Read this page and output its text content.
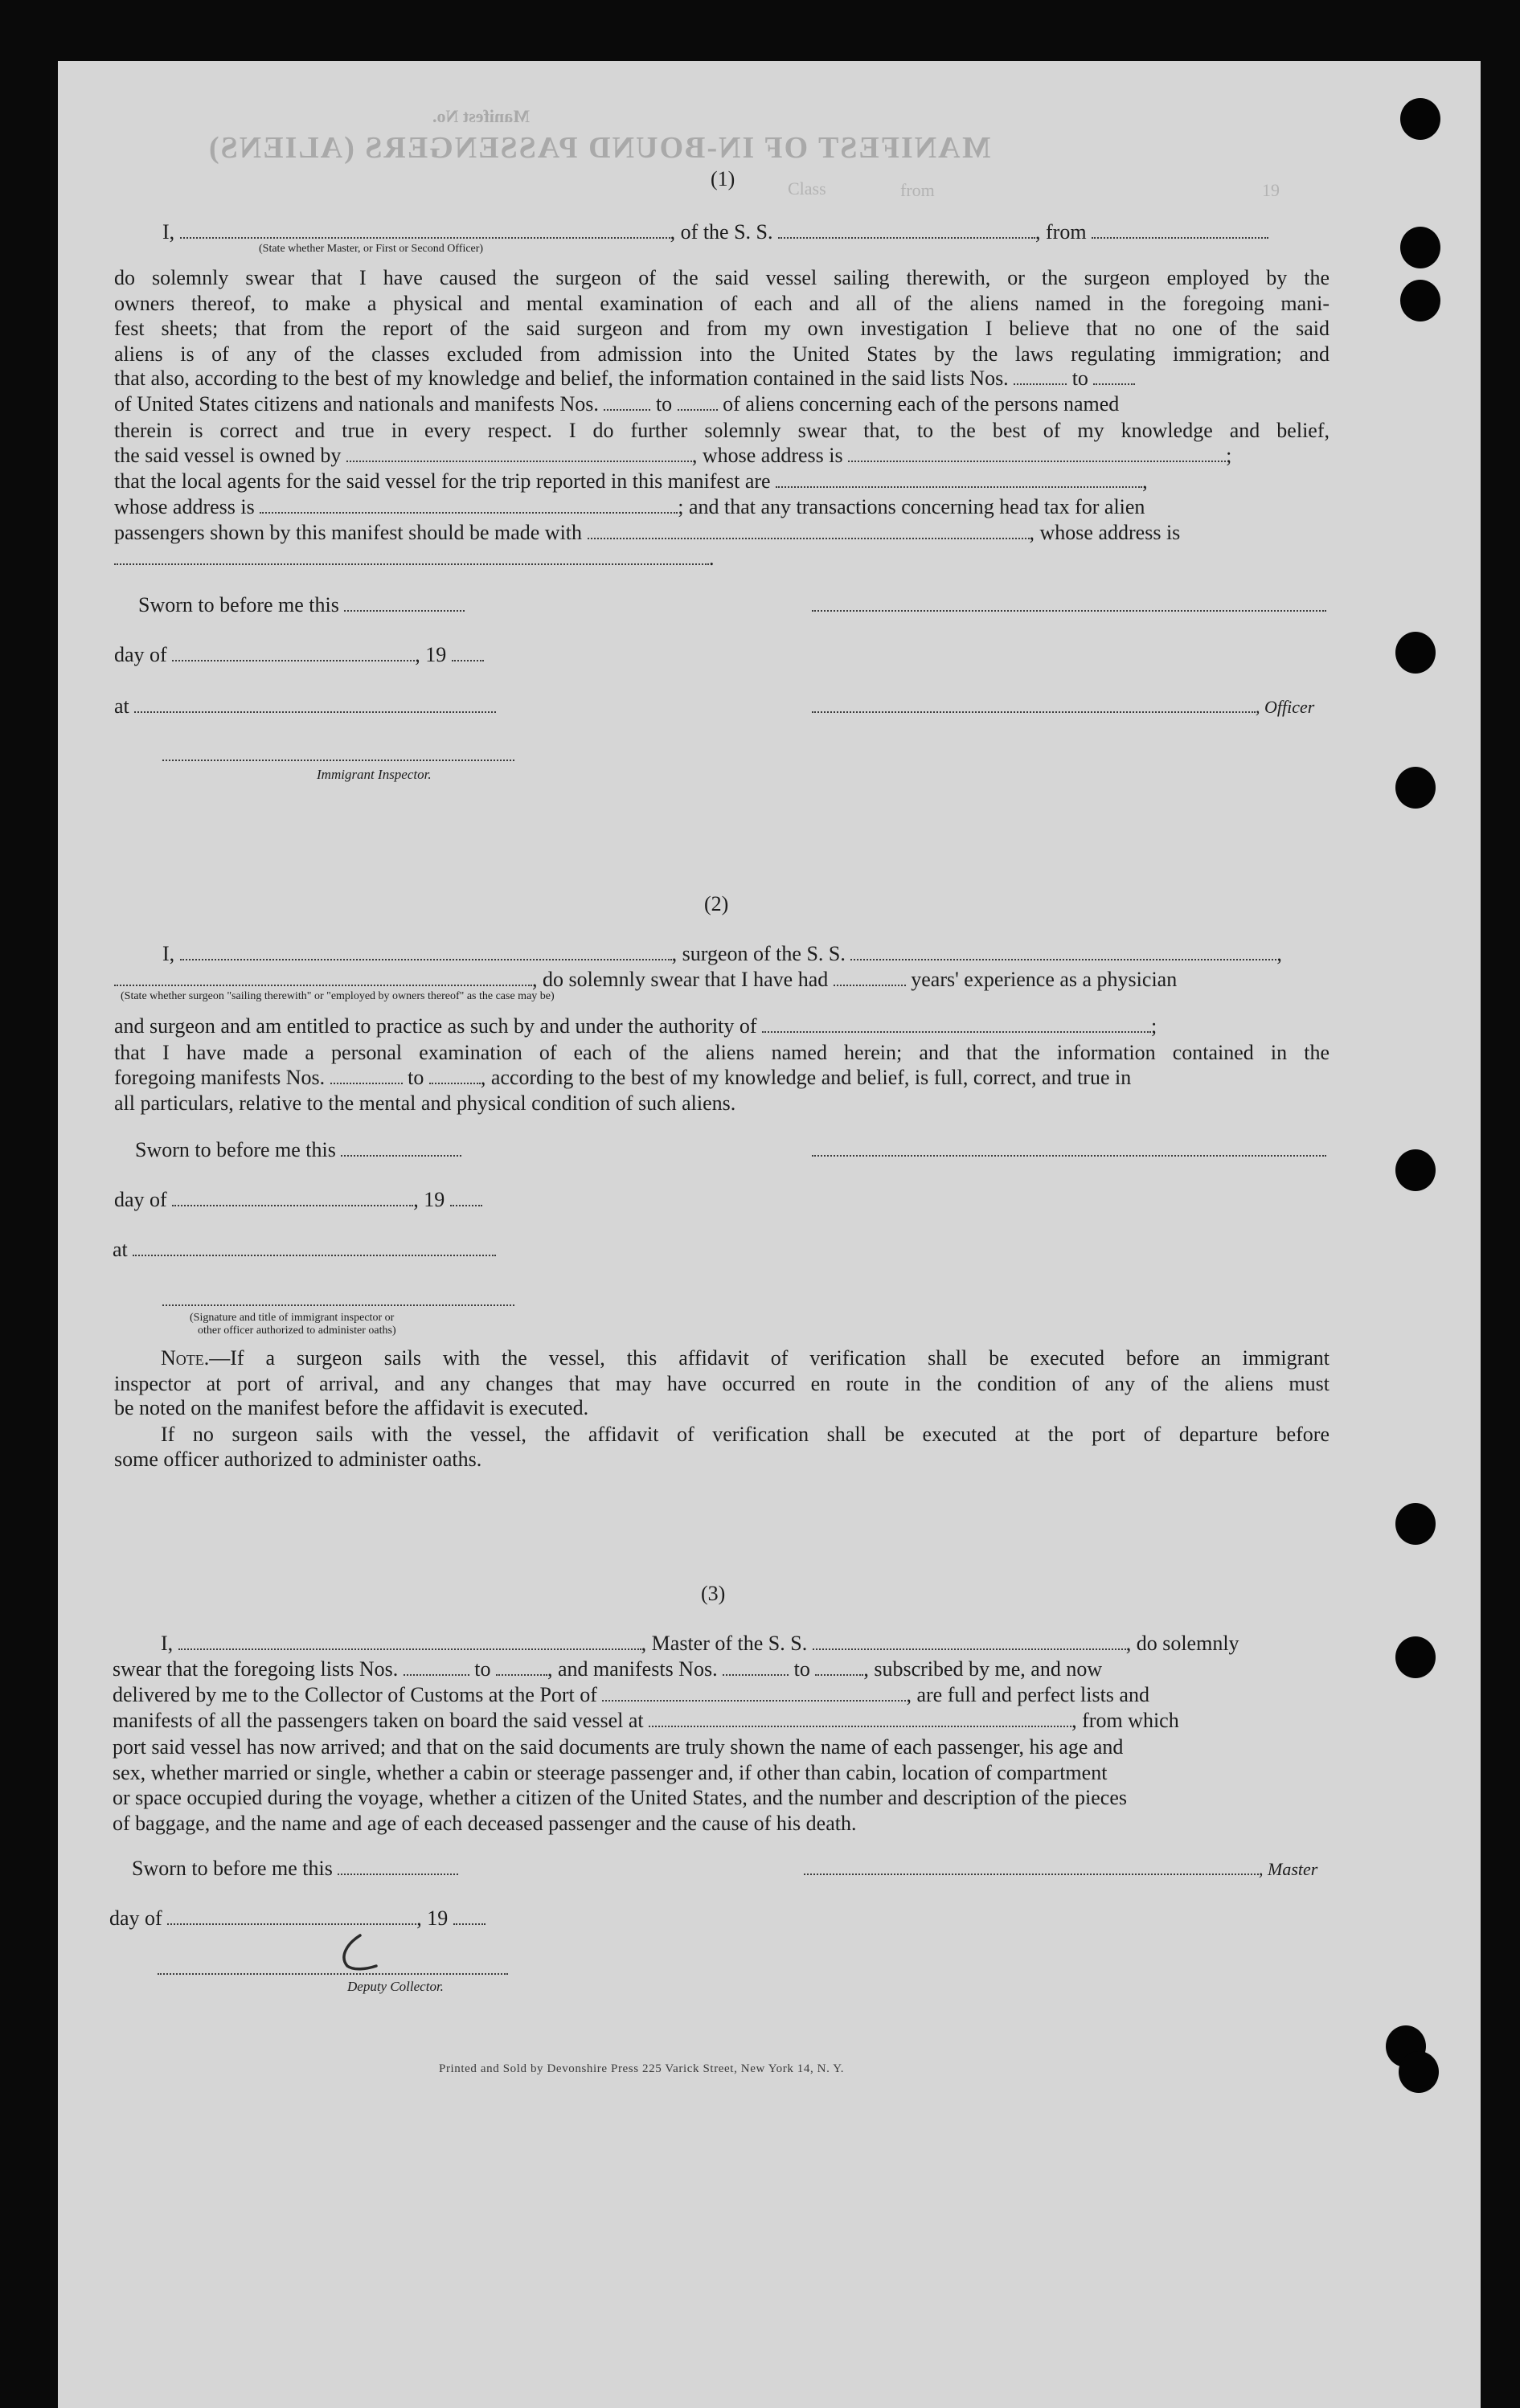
Manifest No.
MANIFEST OF IN-BOUND PASSENGERS (ALIENS)
Class	from	19
(1)
I,	, of the S. S.	, from
(State whether Master, or First or Second Officer)

do solemnly swear that I have caused the surgeon of the said vessel sailing therewith, or the surgeon employed by the
owners thereof, to make a physical and mental examination of each and all of the aliens named in the foregoing mani-
fest sheets; that from the report of the said surgeon and from my own investigation I believe that no one of the said
aliens is of any of the classes excluded from admission into the United States by the laws regulating immigration; and

that also, according to the best of my knowledge and belief, the information contained in the said lists Nos.	to
of United States citizens and nationals and manifests Nos.	to of aliens concerning each of the persons named

therein is correct and true in every respect. I do further solemnly swear that, to the best of my knowledge and belief,

the said vessel is owned by	, whose address is	;
that the local agents for the said vessel for the trip reported in this manifest are	,
whose address is	; and that any transactions concerning head tax for alien
passengers shown by this manifest should be made with	, whose address is
.
Sworn to before me this
day of	, 19
at	, Officer
Immigrant Inspector.
(2)
I,	, surgeon of the S. S.	,
, do solemnly swear that I have had	years' experience as a physician
(State whether surgeon "sailing therewith" or "employed by owners thereof" as the case may be)
and surgeon and am entitled to practice as such by and under the authority of	;

that I have made a personal examination of each of the aliens named herein; and that the information contained in the

foregoing manifests Nos.	to	, according to the best of my knowledge and belief, is full, correct, and true in
all particulars, relative to the mental and physical condition of such aliens.
Sworn to before me this
day of	, 19
at
(Signature and title of immigrant inspector or
other officer authorized to administer oaths)

Note.—If a surgeon sails with the vessel, this affidavit of verification shall be executed before an immigrant
inspector at port of arrival, and any changes that may have occurred en route in the condition of any of the aliens must

be noted on the manifest before the affidavit is executed.

If no surgeon sails with the vessel, the affidavit of verification shall be executed at the port of departure before

some officer authorized to administer oaths.
(3)
I,	, Master of the S. S.	, do solemnly
swear that the foregoing lists Nos.	to	, and manifests Nos.	to	, subscribed by me, and now
delivered by me to the Collector of Customs at the Port of	, are full and perfect lists and
manifests of all the passengers taken on board the said vessel at	, from which

port said vessel has now arrived; and that on the said documents are truly shown the name of each passenger, his age and
sex, whether married or single, whether a cabin or steerage passenger and, if other than cabin, location of compartment
or space occupied during the voyage, whether a citizen of the United States, and the number and description of the pieces
of baggage, and the name and age of each deceased passenger and the cause of his death.

Sworn to before me this	, Master
day of	, 19
Deputy Collector.
Printed and Sold by Devonshire Press 225 Varick Street, New York 14, N. Y.
